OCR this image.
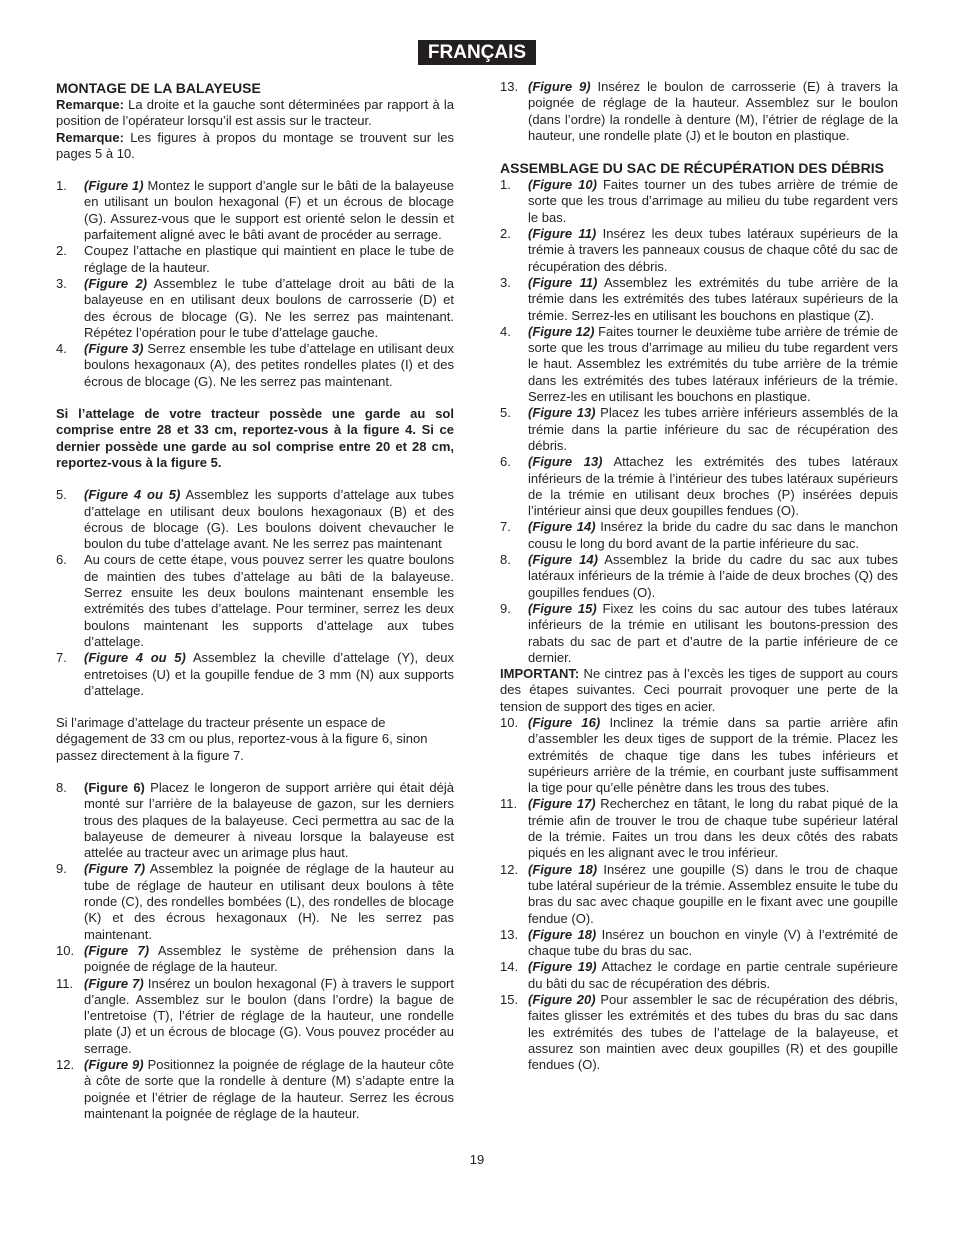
FRANÇAIS
MONTAGE DE LA BALAYEUSE

Remarque: La droite et la gauche sont déterminées par rapport à la position de l’opérateur lorsqu’il est assis sur le tracteur.

Remarque: Les figures à propos du montage se trouvent sur les pages 5 à 10.

1.	(Figure 1) Montez le support d’angle sur le bâti de la balayeuse en utilisant un boulon hexagonal (F) et un écrous de blocage (G). Assurez-vous que le support est orienté selon le dessin et parfaitement aligné avec le bâti avant de procéder au serrage.
2.	Coupez l’attache en plastique qui maintient en place le tube de réglage de la hauteur.
3.	(Figure 2) Assemblez le tube d’attelage droit au bâti de la balayeuse en en utilisant deux boulons de carrosserie (D) et des écrous de blocage (G). Ne les serrez pas maintenant. Répétez l’opération pour le tube d’attelage gauche.
4.	(Figure 3) Serrez ensemble les tube d’attelage en utilisant deux boulons hexagonaux (A), des petites rondelles plates (I) et des écrous de blocage (G). Ne les serrez pas maintenant.

Si l’attelage de votre tracteur possède une garde au sol comprise entre 28 et 33 cm, reportez-vous à la figure 4. Si ce dernier possède une garde au sol comprise entre 20 et 28 cm, reportez-vous à la figure 5.

5.	(Figure 4 ou 5) Assemblez les supports d’attelage aux tubes d’attelage en utilisant deux boulons hexagonaux (B) et des écrous de blocage (G). Les boulons doivent chevaucher le boulon du tube d’attelage avant. Ne les serrez pas maintenant
6.	Au cours de cette étape, vous pouvez serrer les quatre boulons de maintien des tubes d’attelage au bâti de la balayeuse. Serrez ensuite les deux boulons maintenant ensemble les extrémités des tubes d’attelage. Pour terminer, serrez les deux boulons maintenant les supports d’attelage aux tubes d’attelage.
7.	(Figure 4 ou 5) Assemblez la cheville d’attelage (Y), deux entretoises (U) et la goupille fendue de 3 mm (N) aux supports d’attelage.

Si l’arimage d’attelage du tracteur présente un espace de dégagement de 33 cm ou plus, reportez-vous à la figure 6, sinon passez directement à la figure 7.

8.	(Figure 6) Placez le longeron de support arrière qui était déjà monté sur l’arrière de la balayeuse de gazon, sur les derniers trous des plaques de la balayeuse. Ceci permettra au sac de la balayeuse de demeurer à niveau lorsque la balayeuse est attelée au tracteur avec un arimage plus haut.
9.	(Figure 7) Assemblez la poignée de réglage de la hauteur au tube de réglage de hauteur en utilisant deux boulons à tête ronde (C), des rondelles bombées (L), des rondelles de blocage (K) et des écrous hexagonaux (H). Ne les serrez pas maintenant.
10. (Figure 7) Assemblez le système de préhension dans la poignée de réglage de la hauteur.
11. (Figure 7) Insérez un boulon hexagonal (F) à travers le support d’angle. Assemblez sur le boulon (dans l’ordre) la bague de l’entretoise (T), l’étrier de réglage de la hauteur, une rondelle plate (J) et un écrous de blocage (G). Vous pouvez procéder au serrage.
12. (Figure 9) Positionnez la poignée de réglage de la hauteur côte à côte de sorte que la rondelle à denture (M) s’adapte entre la poignée et l’étrier de réglage de la hauteur. Serrez les écrous maintenant la poignée de réglage de la hauteur.
13. (Figure 9) Insérez le boulon de carrosserie (E) à travers la poignée de réglage de la hauteur. Assemblez sur le boulon (dans l’ordre) la rondelle à denture (M), l’étrier de réglage de la hauteur, une rondelle plate (J) et le bouton en plastique.
ASSEMBLAGE DU SAC DE RÉCUPÉRATION DES DÉBRIS
1.	(Figure 10) Faites tourner un des tubes arrière de trémie de sorte que les trous d’arrimage au milieu du tube regardent vers le bas.
2.	(Figure 11) Insérez les deux tubes latéraux supérieurs de la trémie à travers les panneaux cousus de chaque côté du sac de récupération des débris.
3.	(Figure 11) Assemblez les extrémités du tube arrière de la trémie dans les extrémités des tubes latéraux supérieurs de la trémie. Serrez-les en utilisant les bouchons en plastique (Z).
4.	(Figure 12) Faites tourner le deuxième tube arrière de trémie de sorte que les trous d’arrimage au milieu du tube regardent vers le haut. Assemblez les extrémités du tube arrière de la trémie dans les extrémités des tubes latéraux inférieurs de la trémie. Serrez-les en utilisant les bouchons en plastique.
5.	(Figure 13) Placez les tubes arrière inférieurs assemblés de la trémie dans la partie inférieure du sac de récupération des débris.
6.	(Figure 13) Attachez les extrémités des tubes latéraux inférieurs de la trémie à l’intérieur des tubes latéraux supérieurs de la trémie en utilisant deux broches (P) insérées depuis l’intérieur ainsi que deux goupilles fendues (O).
7.	(Figure 14) Insérez la bride du cadre du sac dans le manchon cousu le long du bord avant de la partie inférieure du sac.
8.	(Figure 14) Assemblez la bride du cadre du sac aux tubes latéraux inférieurs de la trémie à l’aide de deux broches (Q) des goupilles fendues (O).
9.	(Figure 15) Fixez les coins du sac autour des tubes latéraux inférieurs de la trémie en utilisant les boutons-pression des rabats du sac de part et d’autre de la partie inférieure de ce dernier.

IMPORTANT: Ne cintrez pas à l’excès les tiges de support au cours des étapes suivantes. Ceci pourrait provoquer une perte de la tension de support des tiges en acier.

10. (Figure 16) Inclinez la trémie dans sa partie arrière afin d’assembler les deux tiges de support de la trémie. Placez les extrémités de chaque tige dans les tubes inférieurs et supérieurs arrière de la trémie, en courbant juste suffisamment la tige pour qu’elle pénètre dans les trous des tubes.
11. (Figure 17) Recherchez en tâtant, le long du rabat piqué de la trémie afin de trouver le trou de chaque tube supérieur latéral de la trémie. Faites un trou dans les deux côtés des rabats piqués en les alignant avec le trou inférieur.
12. (Figure 18) Insérez une goupille (S) dans le trou de chaque tube latéral supérieur de la trémie. Assemblez ensuite le tube du bras du sac avec chaque goupille en le fixant avec une goupille fendue (O).
13. (Figure 18) Insérez un bouchon en vinyle (V) à l’extrémité de chaque tube du bras du sac.
14. (Figure 19) Attachez le cordage en partie centrale supérieure du bâti du sac de récupération des débris.
15. (Figure 20) Pour assembler le sac de récupération des débris, faites glisser les extrémités et des tubes du bras du sac dans les extrémités des tubes de l’attelage de la balayeuse, et assurez son maintien avec deux goupilles (R) et des goupille fendues (O).
19
